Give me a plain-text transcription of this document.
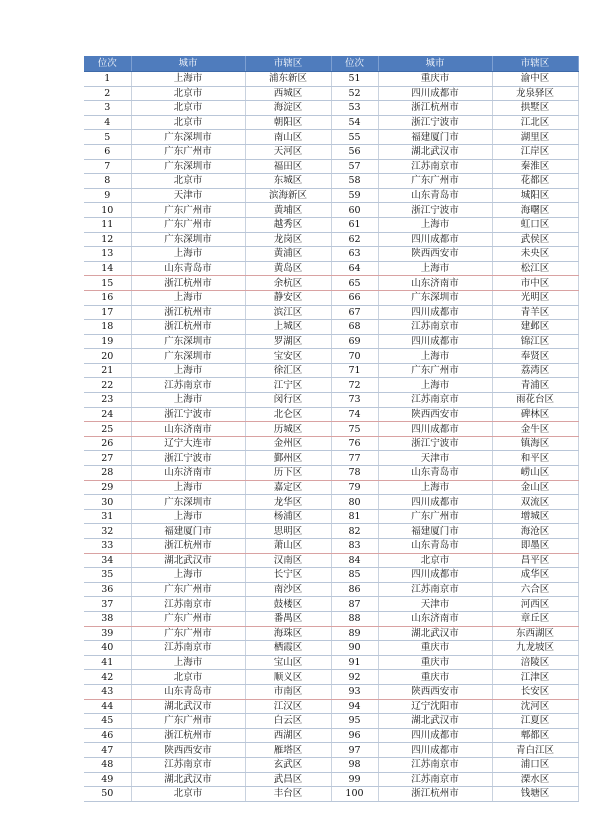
位次	城市	市辖区	位次	城市	市辖区
1	上海市	浦东新区	51	重庆市	渝中区
2	北京市	西城区	52	四川成都市	龙泉驿区
3	北京市	海淀区	53	浙江杭州市	拱墅区
4	北京市	朝阳区	54	浙江宁波市	江北区
5	广东深圳市	南山区	55	福建厦门市	湖里区
6	广东广州市	天河区	56	湖北武汉市	江岸区
7	广东深圳市	福田区	57	江苏南京市	秦淮区
8	北京市	东城区	58	广东广州市	花都区
9	天津市	滨海新区	59	山东青岛市	城阳区
10	广东广州市	黄埔区	60	浙江宁波市	海曙区
11	广东广州市	越秀区	61	上海市	虹口区
12	广东深圳市	龙岗区	62	四川成都市	武侯区
13	上海市	黄浦区	63	陕西西安市	未央区
14	山东青岛市	黄岛区	64	上海市	松江区
15	浙江杭州市	余杭区	65	山东济南市	市中区
16	上海市	静安区	66	广东深圳市	光明区
17	浙江杭州市	滨江区	67	四川成都市	青羊区
18	浙江杭州市	上城区	68	江苏南京市	建邺区
19	广东深圳市	罗湖区	69	四川成都市	锦江区
20	广东深圳市	宝安区	70	上海市	奉贤区
21	上海市	徐汇区	71	广东广州市	荔湾区
22	江苏南京市	江宁区	72	上海市	青浦区
23	上海市	闵行区	73	江苏南京市	雨花台区
24	浙江宁波市	北仑区	74	陕西西安市	碑林区
25	山东济南市	历城区	75	四川成都市	金牛区
26	辽宁大连市	金州区	76	浙江宁波市	镇海区
27	浙江宁波市	鄞州区	77	天津市	和平区
28	山东济南市	历下区	78	山东青岛市	崂山区
29	上海市	嘉定区	79	上海市	金山区
30	广东深圳市	龙华区	80	四川成都市	双流区
31	上海市	杨浦区	81	广东广州市	增城区
32	福建厦门市	思明区	82	福建厦门市	海沧区
33	浙江杭州市	萧山区	83	山东青岛市	即墨区
34	湖北武汉市	汉南区	84	北京市	昌平区
35	上海市	长宁区	85	四川成都市	成华区
36	广东广州市	南沙区	86	江苏南京市	六合区
37	江苏南京市	鼓楼区	87	天津市	河西区
38	广东广州市	番禺区	88	山东济南市	章丘区
39	广东广州市	海珠区	89	湖北武汉市	东西湖区
40	江苏南京市	栖霞区	90	重庆市	九龙坡区
41	上海市	宝山区	91	重庆市	涪陵区
42	北京市	顺义区	92	重庆市	江津区
43	山东青岛市	市南区	93	陕西西安市	长安区
44	湖北武汉市	江汉区	94	辽宁沈阳市	沈河区
45	广东广州市	白云区	95	湖北武汉市	江夏区
46	浙江杭州市	西湖区	96	四川成都市	郫都区
47	陕西西安市	雁塔区	97	四川成都市	青白江区
48	江苏南京市	玄武区	98	江苏南京市	浦口区
49	湖北武汉市	武昌区	99	江苏南京市	溧水区
50	北京市	丰台区	100	浙江杭州市	钱塘区
